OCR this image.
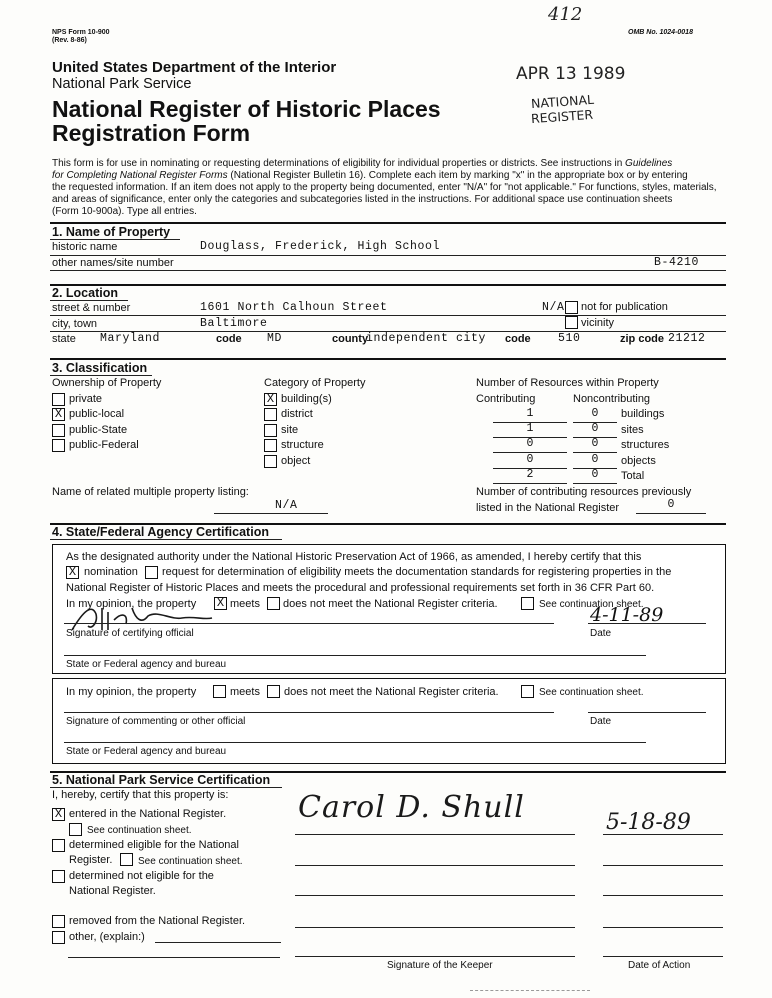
NPS Form 10-900
(Rev. 8-86)
OMB No. 1024-0018
412
United States Department of the Interior
National Park Service
National Register of Historic Places
Registration Form
APR 13 1989
NATIONAL
REGISTER
This form is for use in nominating or requesting determinations of eligibility for individual properties or districts. See instructions in Guidelines
for Completing National Register Forms (National Register Bulletin 16). Complete each item by marking "x" in the appropriate box or by entering
the requested information. If an item does not apply to the property being documented, enter "N/A" for "not applicable." For functions, styles, materials,
and areas of significance, enter only the categories and subcategories listed in the instructions. For additional space use continuation sheets
(Form 10-900a). Type all entries.
1. Name of Property
historic name	Douglass, Frederick, High School
other names/site number	B-4210
2. Location
street & number	1601 North Calhoun Street	N/A not for publication
city, town	Baltimore	vicinity
state Maryland	code MD	county
independent city code 510	zip code 21212
3. Classification
Ownership of Property
private
X public-local
public-State
public-Federal
Category of Property
X building(s)
district
site
structure
object
Number of Resources within Property
Contributing	Noncontributing
1	0	buildings
1	0	sites
0	0	structures
0	0	objects
2	0	Total
Name of related multiple property listing:
N/A
Number of contributing resources previously
listed in the National Register	0
4. State/Federal Agency Certification
As the designated authority under the National Historic Preservation Act of 1966, as amended, I hereby certify that this
X nomination request for determination of eligibility meets the documentation standards for registering properties in the
National Register of Historic Places and meets the procedural and professional requirements set forth in 36 CFR Part 60.
In my opinion, the property X meets does not meet the National Register criteria.	See continuation sheet.
4-11-89
Signature of certifying official	Date
State or Federal agency and bureau
In my opinion, the property	meets does not meet the National Register criteria.	See continuation sheet.
Signature of commenting or other official	Date
State or Federal agency and bureau
5. National Park Service Certification
I, hereby, certify that this property is:
X entered in the National Register.
See continuation sheet.
determined eligible for the National
Register.	See continuation sheet.
determined not eligible for the
National Register.
removed from the National Register.
other, (explain:)
Carol D. Shull	5-18-89
Signature of the Keeper	Date of Action
